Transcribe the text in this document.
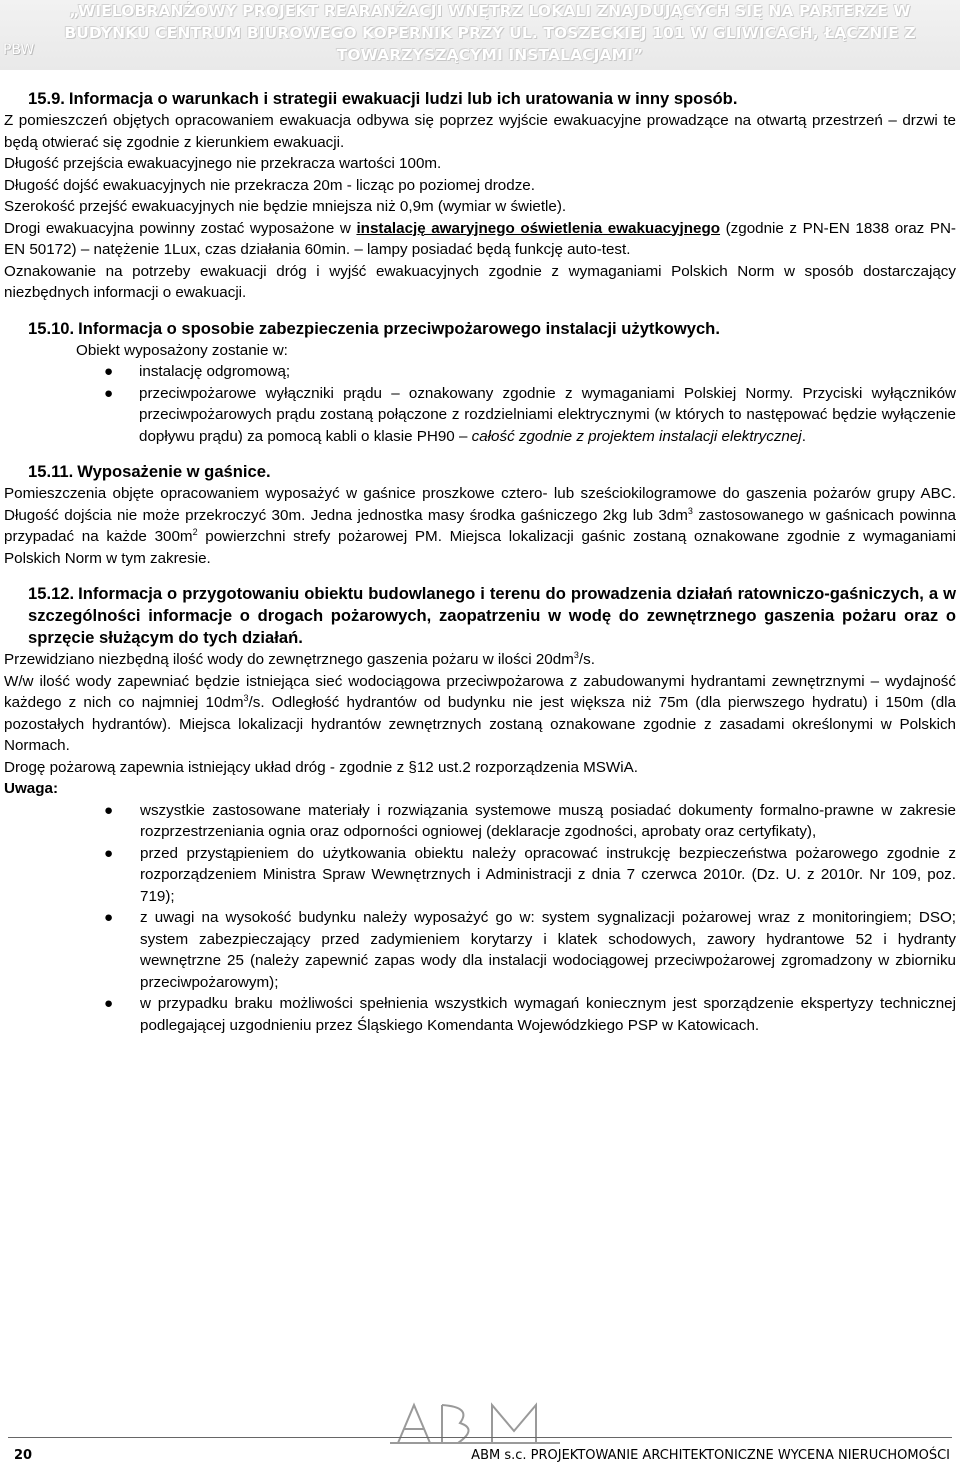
„WIELOBRANŻOWY PROJEKT REARANŻACJI WNĘTRZ LOKALI ZNAJDUJĄCYCH SIĘ NA PARTERZE W BUDYNKU CENTRUM BIUROWEGO KOPERNIK PRZY UL. TOSZECKIEJ 101 W GLIWICACH, ŁĄCZNIE Z TOWARZYSZĄCYMI INSTALACJAMI”
PBW

15.9. Informacja o warunkach i strategii ewakuacji ludzi lub ich uratowania w inny sposób.

Z pomieszczeń objętych opracowaniem ewakuacja odbywa się poprzez wyjście ewakuacyjne prowadzące na otwartą przestrzeń – drzwi te będą otwierać się zgodnie z kierunkiem ewakuacji.

Długość przejścia ewakuacyjnego nie przekracza wartości 100m.

Długość dojść ewakuacyjnych nie przekracza 20m - licząc po poziomej drodze.

Szerokość przejść ewakuacyjnych nie będzie mniejsza niż 0,9m (wymiar w świetle).

Drogi ewakuacyjna powinny zostać wyposażone w instalację awaryjnego oświetlenia ewakuacyjnego (zgodnie z PN-EN 1838 oraz PN-EN 50172) – natężenie 1Lux, czas działania 60min. – lampy posiadać będą funkcję auto-test.

Oznakowanie na potrzeby ewakuacji dróg i wyjść ewakuacyjnych zgodnie z wymaganiami Polskich Norm w sposób dostarczający niezbędnych informacji o ewakuacji.

15.10. Informacja o sposobie zabezpieczenia przeciwpożarowego instalacji użytkowych.

Obiekt wyposażony zostanie w:

● instalację odgromową;

● przeciwpożarowe wyłączniki prądu – oznakowany zgodnie z wymaganiami Polskiej Normy. Przyciski wyłączników przeciwpożarowych prądu zostaną połączone z rozdzielniami elektrycznymi (w których to następować będzie wyłączenie dopływu prądu) za pomocą kabli o klasie PH90 – całość zgodnie z projektem instalacji elektrycznej.

15.11. Wyposażenie w gaśnice.

Pomieszczenia objęte opracowaniem wyposażyć w gaśnice proszkowe cztero- lub sześciokilogramowe do gaszenia pożarów grupy ABC. Długość dojścia nie może przekroczyć 30m. Jedna jednostka masy środka gaśniczego 2kg lub $3dm^3$ zastosowanego w gaśnicach powinna przypadać na każde $300m^2$ powierzchni strefy pożarowej PM. Miejsca lokalizacji gaśnic zostaną oznakowane zgodnie z wymaganiami Polskich Norm w tym zakresie.

15.12. Informacja o przygotowaniu obiektu budowlanego i terenu do prowadzenia działań ratowniczo-gaśniczych, a w szczególności informacje o drogach pożarowych, zaopatrzeniu w wodę do zewnętrznego gaszenia pożaru oraz o sprzęcie służącym do tych działań.

Przewidziano niezbędną ilość wody do zewnętrznego gaszenia pożaru w ilości $20dm^3/s$.

W/w ilość wody zapewniać będzie istniejąca sieć wodociągowa przeciwpożarowa z zabudowanymi hydrantami zewnętrznymi – wydajność każdego z nich co najmniej $10dm^3/s$. Odległość hydrantów od budynku nie jest większa niż 75m (dla pierwszego hydratu) i 150m (dla pozostałych hydrantów). Miejsca lokalizacji hydrantów zewnętrznych zostaną oznakowane zgodnie z zasadami określonymi w Polskich Normach.

Drogę pożarową zapewnia istniejący układ dróg - zgodnie z §12 ust.2 rozporządzenia MSWiA.

Uwaga:

● wszystkie zastosowane materiały i rozwiązania systemowe muszą posiadać dokumenty formalno-prawne w zakresie rozprzestrzeniania ognia oraz odporności ogniowej (deklaracje zgodności, aprobaty oraz certyfikaty),

● przed przystąpieniem do użytkowania obiektu należy opracować instrukcję bezpieczeństwa pożarowego zgodnie z rozporządzeniem Ministra Spraw Wewnętrznych i Administracji z dnia 7 czerwca 2010r. (Dz. U. z 2010r. Nr 109, poz. 719);

● z uwagi na wysokość budynku należy wyposażyć go w: system sygnalizacji pożarowej wraz z monitoringiem; DSO; system zabezpieczający przed zadymieniem korytarzy i klatek schodowych, zawory hydrantowe 52 i hydranty wewnętrzne 25 (należy zapewnić zapas wody dla instalacji wodociągowej przeciwpożarowej zgromadzony w zbiorniku przeciwpożarowym);

● w przypadku braku możliwości spełnienia wszystkich wymagań koniecznym jest sporządzenie ekspertyzy technicznej podlegającej uzgodnieniu przez Śląskiego Komendanta Wojewódzkiego PSP w Katowicach.

20	ABM s.c. PROJEKTOWANIE ARCHITEKTONICZNE WYCENA NIERUCHOMOŚCI
